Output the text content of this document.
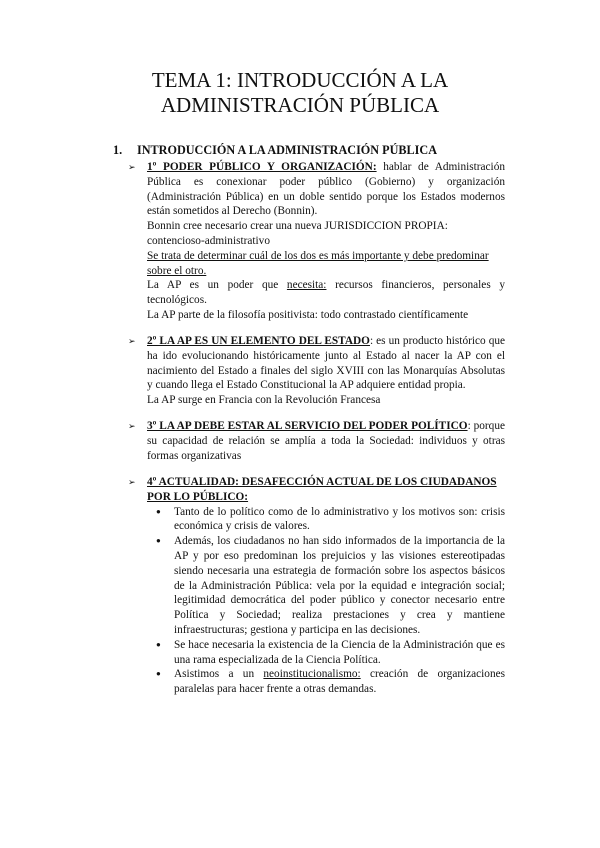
TEMA 1: INTRODUCCIÓN A LA
ADMINISTRACIÓN PÚBLICA
1. INTRODUCCIÓN A LA ADMINISTRACIÓN PÚBLICA
➢ 1º PODER PÚBLICO Y ORGANIZACIÓN: hablar de Administración Pública es conexionar poder público (Gobierno) y organización (Administración Pública) en un doble sentido porque los Estados modernos están sometidos al Derecho (Bonnin).

Bonnin cree necesario crear una nueva JURISDICCION PROPIA: contencioso-administrativo

Se trata de determinar cuál de los dos es más importante y debe predominar sobre el otro.

La AP es un poder que necesita: recursos financieros, personales y tecnológicos.

La AP parte de la filosofía positivista: todo contrastado científicamente

➢ 2º LA AP ES UN ELEMENTO DEL ESTADO: es un producto histórico que ha ido evolucionando históricamente junto al Estado al nacer la AP con el nacimiento del Estado a finales del siglo XVIII con las Monarquías Absolutas y cuando llega el Estado Constitucional la AP adquiere entidad propia.

La AP surge en Francia con la Revolución Francesa

➢ 3º LA AP DEBE ESTAR AL SERVICIO DEL PODER POLÍTICO: porque su capacidad de relación se amplía a toda la Sociedad: individuos y otras formas organizativas

➢ 4º ACTUALIDAD: DESAFECCIÓN ACTUAL DE LOS CIUDADANOS POR LO PÚBLICO:

● Tanto de lo político como de lo administrativo y los motivos son: crisis económica y crisis de valores.
● Además, los ciudadanos no han sido informados de la importancia de la AP y por eso predominan los prejuicios y las visiones estereotipadas siendo necesaria una estrategia de formación sobre los aspectos básicos de la Administración Pública: vela por la equidad e integración social; legitimidad democrática del poder público y conector necesario entre Política y Sociedad; realiza prestaciones y crea y mantiene infraestructuras; gestiona y participa en las decisiones.
● Se hace necesaria la existencia de la Ciencia de la Administración que es una rama especializada de la Ciencia Política.
● Asistimos a un neoinstitucionalismo: creación de organizaciones paralelas para hacer frente a otras demandas.
